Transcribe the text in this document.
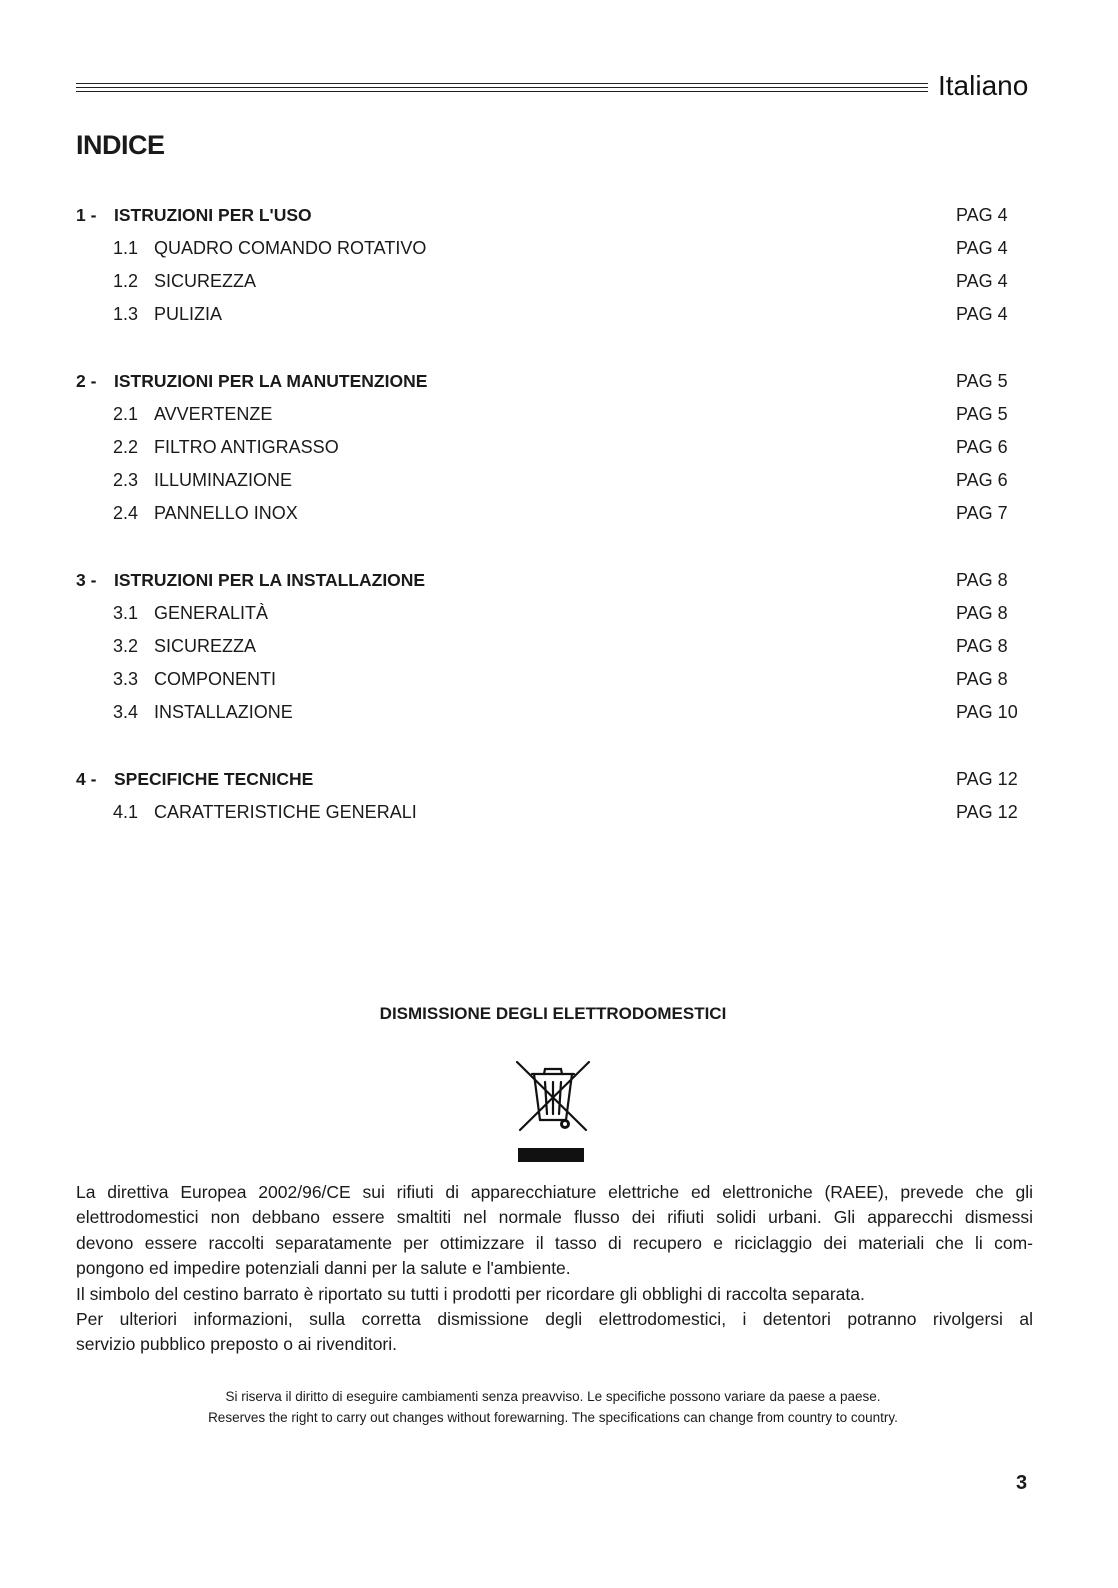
Italiano
INDICE
1 - ISTRUZIONI PER L'USO	PAG 4
1.1 QUADRO COMANDO ROTATIVO	PAG 4
1.2 SICUREZZA	PAG 4
1.3 PULIZIA	PAG 4
2 - ISTRUZIONI PER LA MANUTENZIONE	PAG 5
2.1 AVVERTENZE	PAG 5
2.2 FILTRO ANTIGRASSO	PAG 6
2.3 ILLUMINAZIONE	PAG 6
2.4 PANNELLO INOX	PAG 7
3 - ISTRUZIONI PER LA INSTALLAZIONE	PAG 8
3.1 GENERALITÀ	PAG 8
3.2 SICUREZZA	PAG 8
3.3 COMPONENTI	PAG 8
3.4 INSTALLAZIONE	PAG 10
4 - SPECIFICHE TECNICHE	PAG 12
4.1 CARATTERISTICHE GENERALI	PAG 12
DISMISSIONE DEGLI ELETTRODOMESTICI

La direttiva Europea 2002/96/CE sui rifiuti di apparecchiature elettriche ed elettroniche (RAEE), prevede che gli
elettrodomestici non debbano essere smaltiti nel normale flusso dei rifiuti solidi urbani. Gli apparecchi dismessi
devono essere raccolti separatamente per ottimizzare il tasso di recupero e riciclaggio dei materiali che li com-
pongono ed impedire potenziali danni per la salute e l'ambiente.
Il simbolo del cestino barrato è riportato su tutti i prodotti per ricordare gli obblighi di raccolta separata.
Per ulteriori informazioni, sulla corretta dismissione degli elettrodomestici, i detentori potranno rivolgersi al
servizio pubblico preposto o ai rivenditori.

Si riserva il diritto di eseguire cambiamenti senza preavviso. Le specifiche possono variare da paese a paese.
Reserves the right to carry out changes without forewarning. The specifications can change from country to country.
3
